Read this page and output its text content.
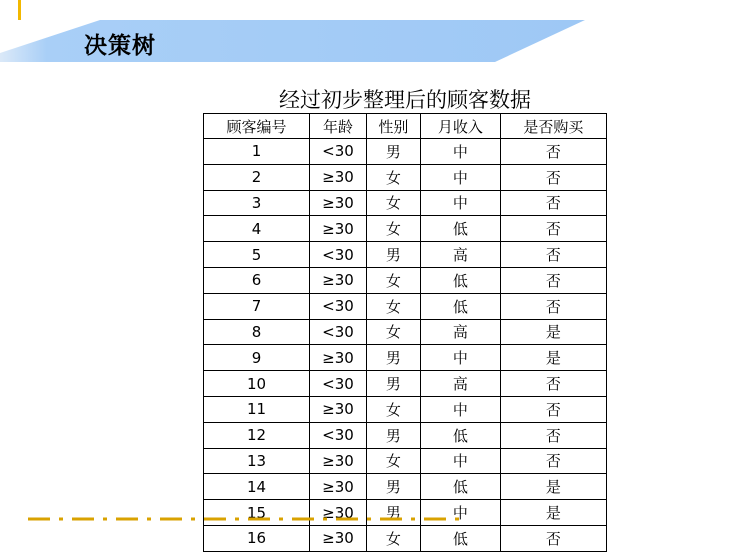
决策树
经过初步整理后的顾客数据
顾客编号	年龄	性别	月收入	是否购买
1	<30	男	中	否
2	≥30	女	中	否
3	≥30	女	中	否
4	≥30	女	低	否
5	<30	男	高	否
6	≥30	女	低	否
7	<30	女	低	否
8	<30	女	高	是
9	≥30	男	中	是
10	<30	男	高	否
11	≥30	女	中	否
12	<30	男	低	否
13	≥30	女	中	否
14	≥30	男	低	是
15	≥30	男	中	是
16	≥30	女	低	否
